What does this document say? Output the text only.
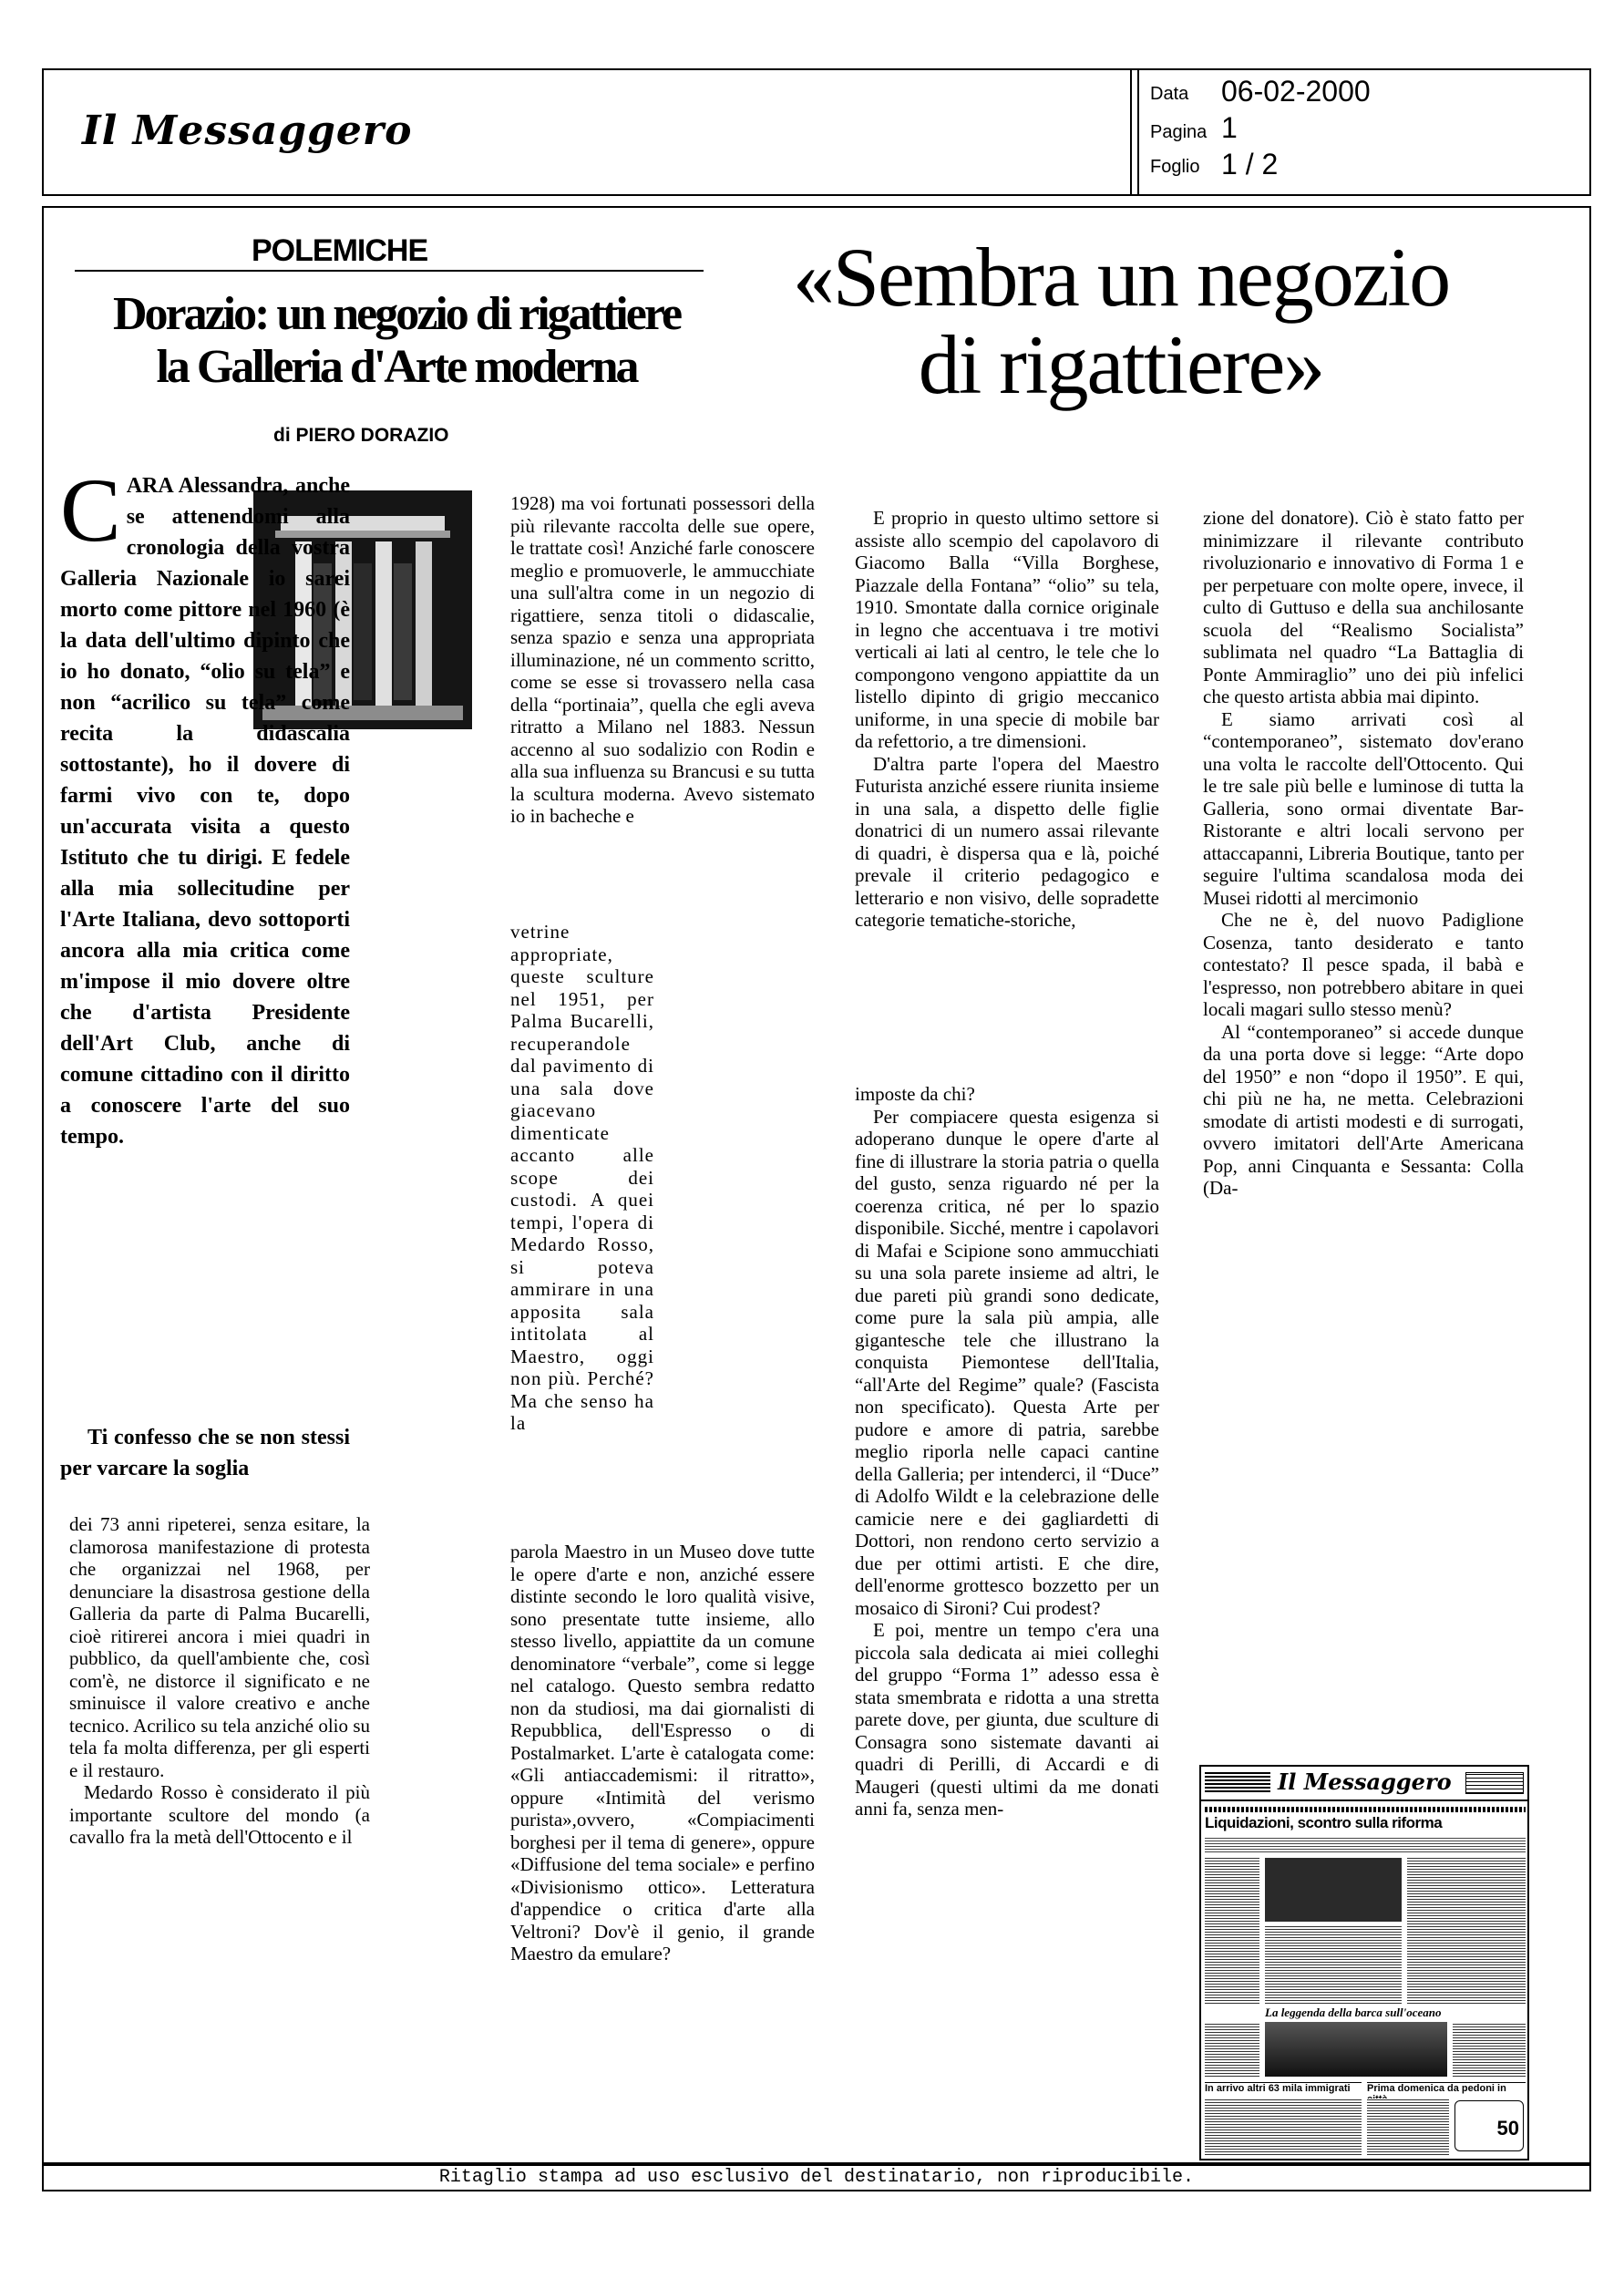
Il Messaggero
Data 06-02-2000
Pagina 1
Foglio 1 / 2
POLEMICHE
Dorazio: un negozio di rigattiere
la Galleria d'Arte moderna
di PIERO DORAZIO
«Sembra un negozio
di rigattiere»
C ARA Alessandra, anche se attenendomi alla cronologia della vostra Galleria Nazionale io sarei morto come pittore nel 1960 (è la data dell'ultimo dipinto che io ho donato, “olio su tela” e non “acrilico su tela” come recita la didascalia sottostante), ho il dovere di farmi vivo con te, dopo un'accurata visita a questo Istituto che tu dirigi. E fedele alla mia sollecitudine per l'Arte Italiana, devo sottoporti ancora alla mia critica come m'impose il mio dovere oltre che d'artista Presidente dell'Art Club, anche di comune cittadino con il diritto a conoscere l'arte del suo tempo.

Ti confesso che se non stessi per varcare la soglia

dei 73 anni ripeterei, senza esitare, la clamorosa manifestazione di protesta che organizzai nel 1968, per denunciare la disastrosa gestione della Galleria da parte di Palma Bucarelli, cioè ritirerei ancora i miei quadri in pubblico, da quell'ambiente che, così com'è, ne distorce il significato e ne sminuisce il valore creativo e anche tecnico. Acrilico su tela anziché olio su tela fa molta differenza, per gli esperti e il restauro.

Medardo Rosso è considerato il più importante scultore del mondo (a cavallo fra la metà dell'Ottocento e il

1928) ma voi fortunati possessori della più rilevante raccolta delle sue opere, le trattate così! Anziché farle conoscere meglio e promuoverle, le ammucchiate una sull'altra come in un negozio di rigattiere, senza titoli o didascalie, senza spazio e senza una appropriata illuminazione, né un commento scritto, come se esse si trovassero nella casa della “portinaia”, quella che egli aveva ritratto a Milano nel 1883. Nessun accenno al suo sodalizio con Rodin e alla sua influenza su Brancusi e su tutta la scultura moderna. Avevo sistemato io in bacheche e

vetrine appropriate, queste sculture nel 1951, per Palma Bucarelli, recuperandole dal pavimento di una sala dove giacevano dimenticate accanto alle scope dei custodi. A quei tempi, l'opera di Medardo Rosso, si poteva ammirare in una apposita sala intitolata al Maestro, oggi non più. Perché? Ma che senso ha la

parola Maestro in un Museo dove tutte le opere d'arte e non, anziché essere distinte secondo le loro qualità visive, sono presentate tutte insieme, allo stesso livello, appiattite da un comune denominatore “verbale”, come si legge nel catalogo. Questo sembra redatto non da studiosi, ma dai giornalisti di Repubblica, dell'Espresso o di Postalmarket. L'arte è catalogata come: «Gli antiaccademismi: il ritratto», oppure «Intimità del verismo purista»,ovvero, «Compiacimenti borghesi per il tema di genere», oppure «Diffusione del tema sociale» e perfino «Divisionismo ottico». Letteratura d'appendice o critica d'arte alla Veltroni? Dov'è il genio, il grande Maestro da emulare?

E proprio in questo ultimo settore si assiste allo scempio del capolavoro di Giacomo Balla “Villa Borghese, Piazzale della Fontana” “olio” su tela, 1910. Smontate dalla cornice originale in legno che accentuava i tre motivi verticali ai lati al centro, le tele che lo compongono vengono appiattite da un listello dipinto di grigio meccanico uniforme, in una specie di mobile bar da refettorio, a tre dimensioni.

D'altra parte l'opera del Maestro Futurista anziché essere riunita insieme in una sala, a dispetto delle figlie donatrici di un numero assai rilevante di quadri, è dispersa qua e là, poiché prevale il criterio pedagogico e letterario e non visivo, delle sopradette categorie tematiche-storiche,

imposte da chi?

Per compiacere questa esigenza si adoperano dunque le opere d'arte al fine di illustrare la storia patria o quella del gusto, senza riguardo né per la coerenza critica, né per lo spazio disponibile. Sicché, mentre i capolavori di Mafai e Scipione sono ammucchiati su una sola parete insieme ad altri, le due pareti più grandi sono dedicate, come pure la sala più ampia, alle gigantesche tele che illustrano la conquista Piemontese dell'Italia, “all'Arte del Regime” quale? (Fascista non specificato). Questa Arte per pudore e amore di patria, sarebbe meglio riporla nelle capaci cantine della Galleria; per intenderci, il “Duce” di Adolfo Wildt e la celebrazione delle camicie nere e dei gagliardetti di Dottori, non rendono certo servizio a due per ottimi artisti. E che dire, dell'enorme grottesco bozzetto per un mosaico di Sironi? Cui prodest?

E poi, mentre un tempo c'era una piccola sala dedicata ai miei colleghi del gruppo “Forma 1” adesso essa è stata smembrata e ridotta a una stretta parete dove, per giunta, due sculture di Consagra sono sistemate davanti ai quadri di Perilli, di Accardi e di Maugeri (questi ultimi da me donati anni fa, senza men-

zione del donatore). Ciò è stato fatto per minimizzare il rilevante contributo rivoluzionario e innovativo di Forma 1 e per perpetuare con molte opere, invece, il culto di Guttuso e della sua anchilosante scuola del “Realismo Socialista” sublimata nel quadro “La Battaglia di Ponte Ammiraglio” uno dei più infelici che questo artista abbia mai dipinto.

E siamo arrivati così al “contemporaneo”, sistemato dov'erano una volta le raccolte dell'Ottocento. Qui le tre sale più belle e luminose di tutta la Galleria, sono ormai diventate Bar-Ristorante e altri locali servono per attaccapanni, Libreria Boutique, tanto per seguire l'ultima scandalosa moda dei Musei ridotti al mercimonio

Che ne è, del nuovo Padiglione Cosenza, tanto desiderato e tanto contestato? Il pesce spada, il babà e l'espresso, non potrebbero abitare in quei locali magari sullo stesso menù?

Al “contemporaneo” si accede dunque da una porta dove si legge: “Arte dopo del 1950” e non “dopo il 1950”. E qui, chi più ne ha, ne metta. Celebrazioni smodate di artisti modesti e di surrogati, ovvero imitatori dell'Arte Americana Pop, anni Cinquanta e Sessanta: Colla (Da-

Il Messaggero
Liquidazioni, scontro sulla riforma
La leggenda della barca sull'oceano
In arrivo altri 63 mila immigrati	Prima domenica da pedoni in
50
Ritaglio stampa ad uso esclusivo del destinatario, non riproducibile.
